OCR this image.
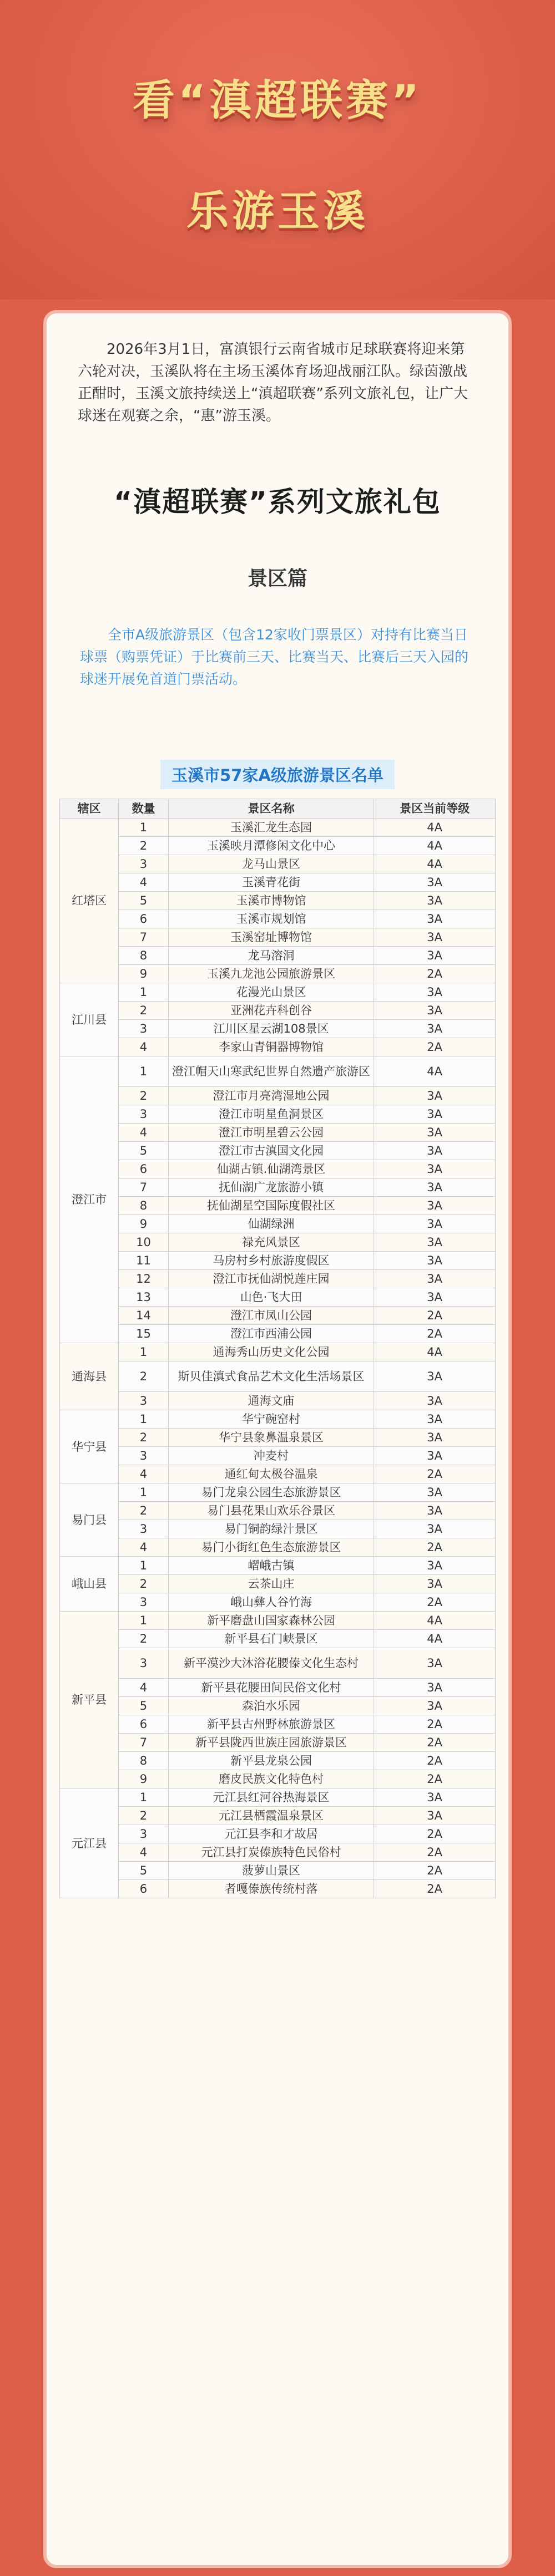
看“滇超联赛”
乐游玉溪
2026年3月1日，富滇银行云南省城市足球联赛将迎来第六轮对决，玉溪队将在主场玉溪体育场迎战丽江队。绿茵激战正酣时，玉溪文旅持续送上“滇超联赛”系列文旅礼包，让广大球迷在观赛之余，“惠”游玉溪。
“滇超联赛”系列文旅礼包
景区篇
全市A级旅游景区（包含12家收门票景区）对持有比赛当日球票（购票凭证）于比赛前三天、比赛当天、比赛后三天入园的球迷开展免首道门票活动。
玉溪市57家A级旅游景区名单
辖区	数量	景区名称	景区当前等级
红塔区	1	玉溪汇龙生态园	4A
	2	玉溪映月潭修闲文化中心	4A
	3	龙马山景区	4A
	4	玉溪青花街	3A
	5	玉溪市博物馆	3A
	6	玉溪市规划馆	3A
	7	玉溪窑址博物馆	3A
	8	龙马溶洞	3A
	9	玉溪九龙池公园旅游景区	2A
江川县	1	花漫光山景区	3A
	2	亚洲花卉科创谷	3A
	3	江川区星云湖108景区	3A
	4	李家山青铜器博物馆	2A
澄江市	1	澄江帽天山寒武纪世界自然遗产旅游区	4A
	2	澄江市月亮湾湿地公园	3A
	3	澄江市明星鱼洞景区	3A
	4	澄江市明星碧云公园	3A
	5	澄江市古滇国文化园	3A
	6	仙湖古镇.仙湖湾景区	3A
	7	抚仙湖广龙旅游小镇	3A
	8	抚仙湖星空国际度假社区	3A
	9	仙湖绿洲	3A
	10	禄充风景区	3A
	11	马房村乡村旅游度假区	3A
	12	澄江市抚仙湖悦莲庄园	3A
	13	山色·飞大田	3A
	14	澄江市凤山公园	2A
	15	澄江市西浦公园	2A
通海县	1	通海秀山历史文化公园	4A
	2	斯贝佳滇式食品艺术文化生活场景区	3A
	3	通海文庙	3A
华宁县	1	华宁碗窑村	3A
	2	华宁县象鼻温泉景区	3A
	3	冲麦村	3A
	4	通红甸太极谷温泉	2A
易门县	1	易门龙泉公园生态旅游景区	3A
	2	易门县花果山欢乐谷景区	3A
	3	易门铜韵绿汁景区	3A
	4	易门小街红色生态旅游景区	2A
峨山县	1	嶍峨古镇	3A
	2	云茶山庄	3A
	3	峨山彝人谷竹海	2A
新平县	1	新平磨盘山国家森林公园	4A
	2	新平县石门峡景区	4A
	3	新平漠沙大沐浴花腰傣文化生态村	3A
	4	新平县花腰田间民俗文化村	3A
	5	森泊水乐园	3A
	6	新平县古州野林旅游景区	2A
	7	新平县陇西世族庄园旅游景区	2A
	8	新平县龙泉公园	2A
	9	磨皮民族文化特色村	2A
元江县	1	元江县红河谷热海景区	3A
	2	元江县栖霞温泉景区	3A
	3	元江县李和才故居	2A
	4	元江县打炭傣族特色民俗村	2A
	5	菠萝山景区	2A
	6	者嘎傣族传统村落	2A
